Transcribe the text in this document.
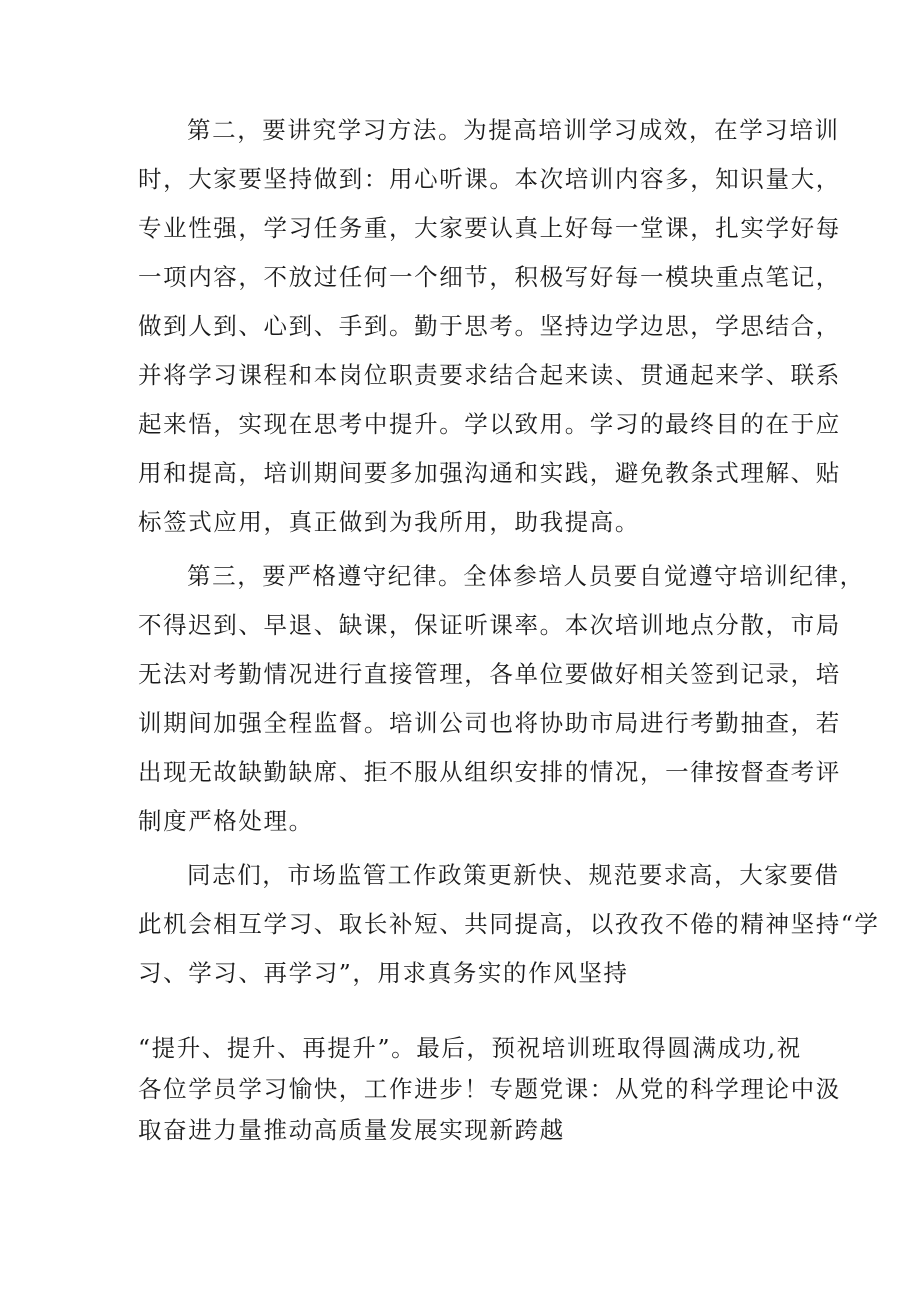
第二，要讲究学习方法。为提高培训学习成效，在学习培训
时，大家要坚持做到：用心听课。本次培训内容多，知识量大，
专业性强，学习任务重，大家要认真上好每一堂课，扎实学好每
一项内容，不放过任何一个细节，积极写好每一模块重点笔记，
做到人到、心到、手到。勤于思考。坚持边学边思，学思结合，
并将学习课程和本岗位职责要求结合起来读、贯通起来学、联系
起来悟，实现在思考中提升。学以致用。学习的最终目的在于应
用和提高，培训期间要多加强沟通和实践，避免教条式理解、贴
标签式应用，真正做到为我所用，助我提高。
第三，要严格遵守纪律。全体参培人员要自觉遵守培训纪律，
不得迟到、早退、缺课，保证听课率。本次培训地点分散，市局
无法对考勤情况进行直接管理，各单位要做好相关签到记录，培
训期间加强全程监督。培训公司也将协助市局进行考勤抽查，若
出现无故缺勤缺席、拒不服从组织安排的情况，一律按督查考评
制度严格处理。
同志们，市场监管工作政策更新快、规范要求高，大家要借
此机会相互学习、取长补短、共同提高，以孜孜不倦的精神坚持“学
习、学习、再学习”，用求真务实的作风坚持
“提升、提升、再提升”。最后，预祝培训班取得圆满成功,祝
各位学员学习愉快，工作进步！专题党课：从党的科学理论中汲
取奋进力量推动高质量发展实现新跨越
